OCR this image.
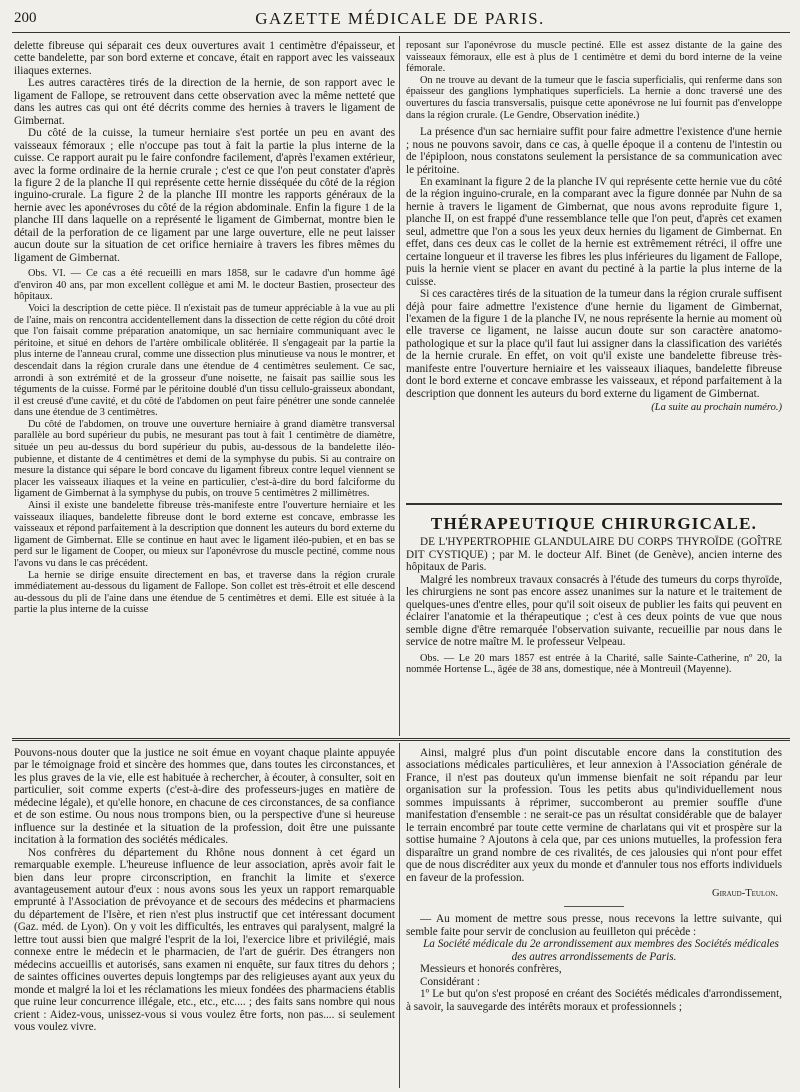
200	GAZETTE MÉDICALE DE PARIS.

delette fibreuse qui séparait ces deux ouvertures avait 1 centimètre d'épaisseur, et cette bandelette, par son bord externe et concave, était en rapport avec les vaisseaux iliaques externes.

Les autres caractères tirés de la direction de la hernie, de son rapport avec le ligament de Fallope, se retrouvent dans cette observation avec la même netteté que dans les autres cas qui ont été décrits comme des hernies à travers le ligament de Gimbernat.

Du côté de la cuisse, la tumeur herniaire s'est portée un peu en avant des vaisseaux fémoraux ; elle n'occupe pas tout à fait la partie la plus interne de la cuisse. Ce rapport aurait pu le faire confondre facilement, d'après l'examen extérieur, avec la forme ordinaire de la hernie crurale ; c'est ce que l'on peut constater d'après la figure 2 de la planche II qui représente cette hernie disséquée du côté de la région inguino-crurale. La figure 2 de la planche III montre les rapports généraux de la hernie avec les aponévroses du côté de la région abdominale. Enfin la figure 1 de la planche III dans laquelle on a représenté le ligament de Gimbernat, montre bien le détail de la perforation de ce ligament par une large ouverture, elle ne peut laisser aucun doute sur la situation de cet orifice herniaire à travers les fibres mêmes du ligament de Gimbernat.

Obs. VI. — Ce cas a été recueilli en mars 1858, sur le cadavre d'un homme âgé d'environ 40 ans, par mon excellent collègue et ami M. le docteur Bastien, prosecteur des hôpitaux.

Voici la description de cette pièce. Il n'existait pas de tumeur appréciable à la vue au pli de l'aine, mais on rencontra accidentellement dans la dissection de cette région du côté droit que l'on faisait comme préparation anatomique, un sac herniaire communiquant avec le péritoine, et situé en dehors de l'artère ombilicale oblitérée. Il s'engageait par la partie la plus interne de l'anneau crural, comme une dissection plus minutieuse va nous le montrer, et descendait dans la région crurale dans une étendue de 4 centimètres seulement. Ce sac, arrondi à son extrémité et de la grosseur d'une noisette, ne faisait pas saillie sous les téguments de la cuisse. Formé par le péritoine doublé d'un tissu cellulo-graisseux abondant, il est creusé d'une cavité, et du côté de l'abdomen on peut faire pénétrer une sonde cannelée dans une étendue de 3 centimètres.

Du côté de l'abdomen, on trouve une ouverture herniaire à grand diamètre transversal parallèle au bord supérieur du pubis, ne mesurant pas tout à fait 1 centimètre de diamètre, située un peu au-dessus du bord supérieur du pubis, au-dessous de la bandelette iléo-pubienne, et distante de 4 centimètres et demi de la symphyse du pubis. Si au contraire on mesure la distance qui sépare le bord concave du ligament fibreux contre lequel viennent se placer les vaisseaux iliaques et la veine en particulier, c'est-à-dire du bord falciforme du ligament de Gimbernat à la symphyse du pubis, on trouve 5 centimètres 2 millimètres.

Ainsi il existe une bandelette fibreuse très-manifeste entre l'ouverture herniaire et les vaisseaux iliaques, bandelette fibreuse dont le bord externe est concave, embrasse les vaisseaux et répond parfaitement à la description que donnent les auteurs du bord externe du ligament de Gimbernat. Elle se continue en haut avec le ligament iléo-pubien, et en bas se perd sur le ligament de Cooper, ou mieux sur l'aponévrose du muscle pectiné, comme nous l'avons vu dans le cas précédent.

La hernie se dirige ensuite directement en bas, et traverse dans la région crurale immédiatement au-dessous du ligament de Fallope. Son collet est très-étroit et elle descend au-dessous du pli de l'aine dans une étendue de 5 centimètres et demi. Elle est située à la partie la plus interne de la cuisse

reposant sur l'aponévrose du muscle pectiné. Elle est assez distante de la gaine des vaisseaux fémoraux, elle est à plus de 1 centimètre et demi du bord interne de la veine fémorale.

On ne trouve au devant de la tumeur que le fascia superficialis, qui renferme dans son épaisseur des ganglions lymphatiques superficiels. La hernie a donc traversé une des ouvertures du fascia transversalis, puisque cette aponévrose ne lui fournit pas d'enveloppe dans la région crurale. (Le Gendre, Observation inédite.)

La présence d'un sac herniaire suffit pour faire admettre l'existence d'une hernie ; nous ne pouvons savoir, dans ce cas, à quelle époque il a contenu de l'intestin ou de l'épiploon, nous constatons seulement la persistance de sa communication avec le péritoine.

En examinant la figure 2 de la planche IV qui représente cette hernie vue du côté de la région inguino-crurale, en la comparant avec la figure donnée par Nuhn de sa hernie à travers le ligament de Gimbernat, que nous avons reproduite figure 1, planche II, on est frappé d'une ressemblance telle que l'on peut, d'après cet examen seul, admettre que l'on a sous les yeux deux hernies du ligament de Gimbernat. En effet, dans ces deux cas le collet de la hernie est extrêmement rétréci, il offre une certaine longueur et il traverse les fibres les plus inférieures du ligament de Fallope, puis la hernie vient se placer en avant du pectiné à la partie la plus interne de la cuisse.

Si ces caractères tirés de la situation de la tumeur dans la région crurale suffisent déjà pour faire admettre l'existence d'une hernie du ligament de Gimbernat, l'examen de la figure 1 de la planche IV, ne nous représente la hernie au moment où elle traverse ce ligament, ne laisse aucun doute sur son caractère anatomo-pathologique et sur la place qu'il faut lui assigner dans la classification des variétés de la hernie crurale. En effet, on voit qu'il existe une bandelette fibreuse très-manifeste entre l'ouverture herniaire et les vaisseaux iliaques, bandelette fibreuse dont le bord externe et concave embrasse les vaisseaux, et répond parfaitement à la description que donnent les auteurs du bord externe du ligament de Gimbernat.

(La suite au prochain numéro.)
THÉRAPEUTIQUE CHIRURGICALE.

DE L'HYPERTROPHIE GLANDULAIRE DU CORPS THYROÏDE (GOÎTRE DIT CYSTIQUE) ; par M. le docteur Alf. Binet (de Genève), ancien interne des hôpitaux de Paris.

Malgré les nombreux travaux consacrés à l'étude des tumeurs du corps thyroïde, les chirurgiens ne sont pas encore assez unanimes sur la nature et le traitement de quelques-unes d'entre elles, pour qu'il soit oiseux de publier les faits qui peuvent en éclairer l'anatomie et la thérapeutique ; c'est à ces deux points de vue que nous semble digne d'être remarquée l'observation suivante, recueillie par nous dans le service de notre maître M. le professeur Velpeau.

Obs. — Le 20 mars 1857 est entrée à la Charité, salle Sainte-Catherine, nº 20, la nommée Hortense L., âgée de 38 ans, domestique, née à Montreuil (Mayenne).

Pouvons-nous douter que la justice ne soit émue en voyant chaque plainte appuyée par le témoignage froid et sincère des hommes que, dans toutes les circonstances, et les plus graves de la vie, elle est habituée à rechercher, à écouter, à consulter, soit en particulier, soit comme experts (c'est-à-dire des professeurs-juges en matière de médecine légale), et qu'elle honore, en chacune de ces circonstances, de sa confiance et de son estime. Ou nous nous trompons bien, ou la perspective d'une si heureuse influence sur la destinée et la situation de la profession, doit être une puissante incitation à la formation des sociétés médicales.

Nos confrères du département du Rhône nous donnent à cet égard un remarquable exemple. L'heureuse influence de leur association, après avoir fait le bien dans leur propre circonscription, en franchit la limite et s'exerce avantageusement autour d'eux : nous avons sous les yeux un rapport remarquable emprunté à l'Association de prévoyance et de secours des médecins et pharmaciens du département de l'Isère, et rien n'est plus instructif que cet intéressant document (Gaz. méd. de Lyon). On y voit les difficultés, les entraves qui paralysent, malgré la lettre tout aussi bien que malgré l'esprit de la loi, l'exercice libre et privilégié, mais connexe entre le médecin et le pharmacien, de l'art de guérir. Des étrangers non médecins accueillis et autorisés, sans examen ni enquête, sur faux titres du dehors ; de saintes officines ouvertes depuis longtemps par des religieuses ayant aux yeux du monde et malgré la loi et les réclamations les mieux fondées des pharmaciens établis que ruine leur concurrence illégale, etc., etc., etc.... ; des faits sans nombre qui nous crient : Aidez-vous, unissez-vous si vous voulez être forts, non pas.... si seulement vous voulez vivre.

Ainsi, malgré plus d'un point discutable encore dans la constitution des associations médicales particulières, et leur annexion à l'Association générale de France, il n'est pas douteux qu'un immense bienfait ne soit répandu par leur organisation sur la profession. Tous les petits abus qu'individuellement nous sommes impuissants à réprimer, succomberont au premier souffle d'une manifestation d'ensemble : ne serait-ce pas un résultat considérable que de balayer le terrain encombré par toute cette vermine de charlatans qui vit et prospère sur la sottise humaine ? Ajoutons à cela que, par ces unions mutuelles, la profession fera disparaître un grand nombre de ces rivalités, de ces jalousies qui n'ont pour effet que de nous discréditer aux yeux du monde et d'annuler tous nos efforts individuels en faveur de la profession.

Giraud-Teulon.

— Au moment de mettre sous presse, nous recevons la lettre suivante, qui semble faite pour servir de conclusion au feuilleton qui précède :

La Société médicale du 2e arrondissement aux membres des Sociétés médicales des autres arrondissements de Paris.

Messieurs et honorés confrères,

Considérant :

1º Le but qu'on s'est proposé en créant des Sociétés médicales d'arrondissement, à savoir, la sauvegarde des intérêts moraux et professionnels ;
